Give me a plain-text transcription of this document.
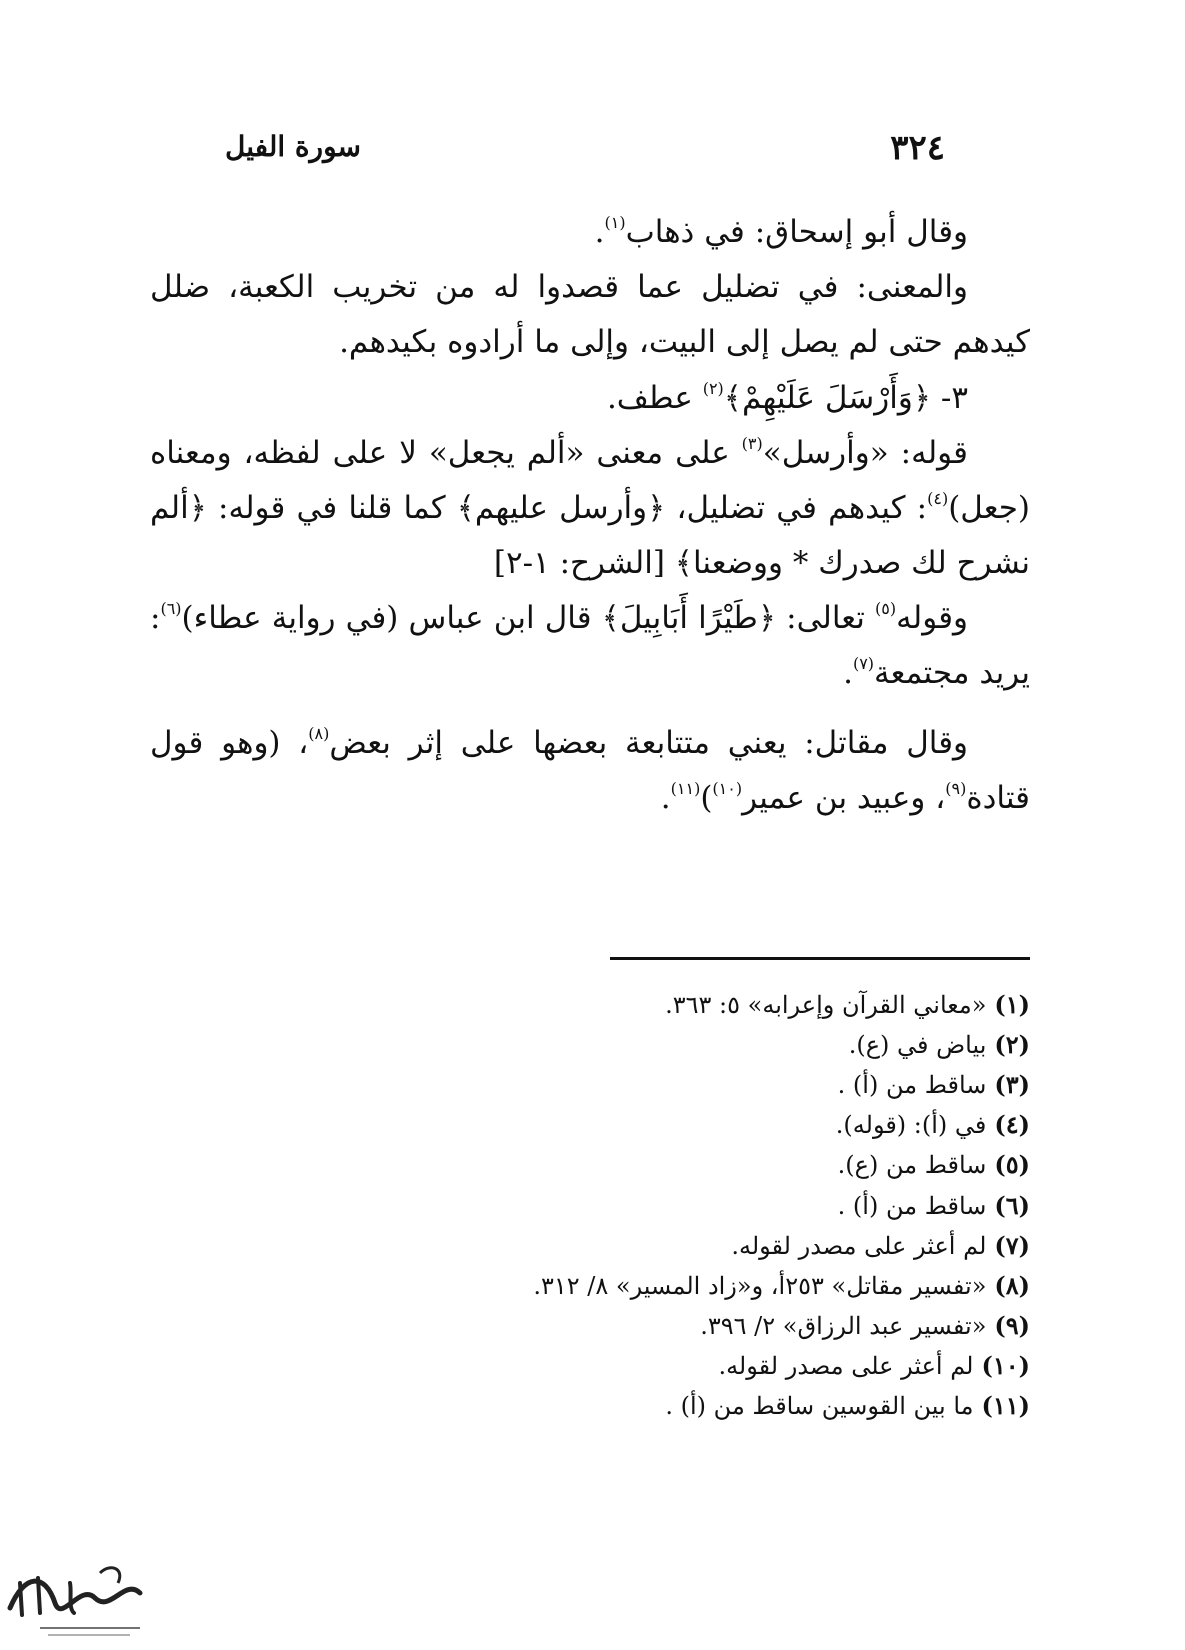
سورة الفيل	٣٢٤

وقال أبو إسحاق: في ذهاب$^{(١)}$.

والمعنى: في تضليل عما قصدوا له من تخريب الكعبة، ضلل كيدهم حتى لم يصل إلى البيت، وإلى ما أرادوه بكيدهم.

٣- ﴿وَأَرْسَلَ عَلَيْهِمْ﴾$^{(٢)}$ عطف.

قوله: «وأرسل»$^{(٣)}$ على معنى «ألم يجعل» لا على لفظه، ومعناه (جعل)$^{(٤)}$: كيدهم في تضليل، ﴿وأرسل عليهم﴾ كما قلنا في قوله: ﴿ألم نشرح لك صدرك * ووضعنا﴾ [الشرح: ١-٢]

وقوله$^{(٥)}$ تعالى: ﴿طَيْرًا أَبَابِيلَ﴾ قال ابن عباس (في رواية عطاء)$^{(٦)}$: يريد مجتمعة$^{(٧)}$.

وقال مقاتل: يعني متتابعة بعضها على إثر بعض$^{(٨)}$، (وهو قول قتادة$^{(٩)}$، وعبيد بن عمير$^{(١٠)}$)$^{(١١)}$.

(١)«معاني القرآن وإعرابه» ٥: ٣٦٣.
(٢)بياض في (ع).
(٣)ساقط من (أ) .
(٤)في (أ): (قوله).
(٥)ساقط من (ع).
(٦)ساقط من (أ) .
(٧)لم أعثر على مصدر لقوله.
(٨)«تفسير مقاتل» ٢٥٣أ، و«زاد المسير» ٨/ ٣١٢.
(٩)«تفسير عبد الرزاق» ٢/ ٣٩٦.
(١٠)لم أعثر على مصدر لقوله.
(١١)ما بين القوسين ساقط من (أ) .
